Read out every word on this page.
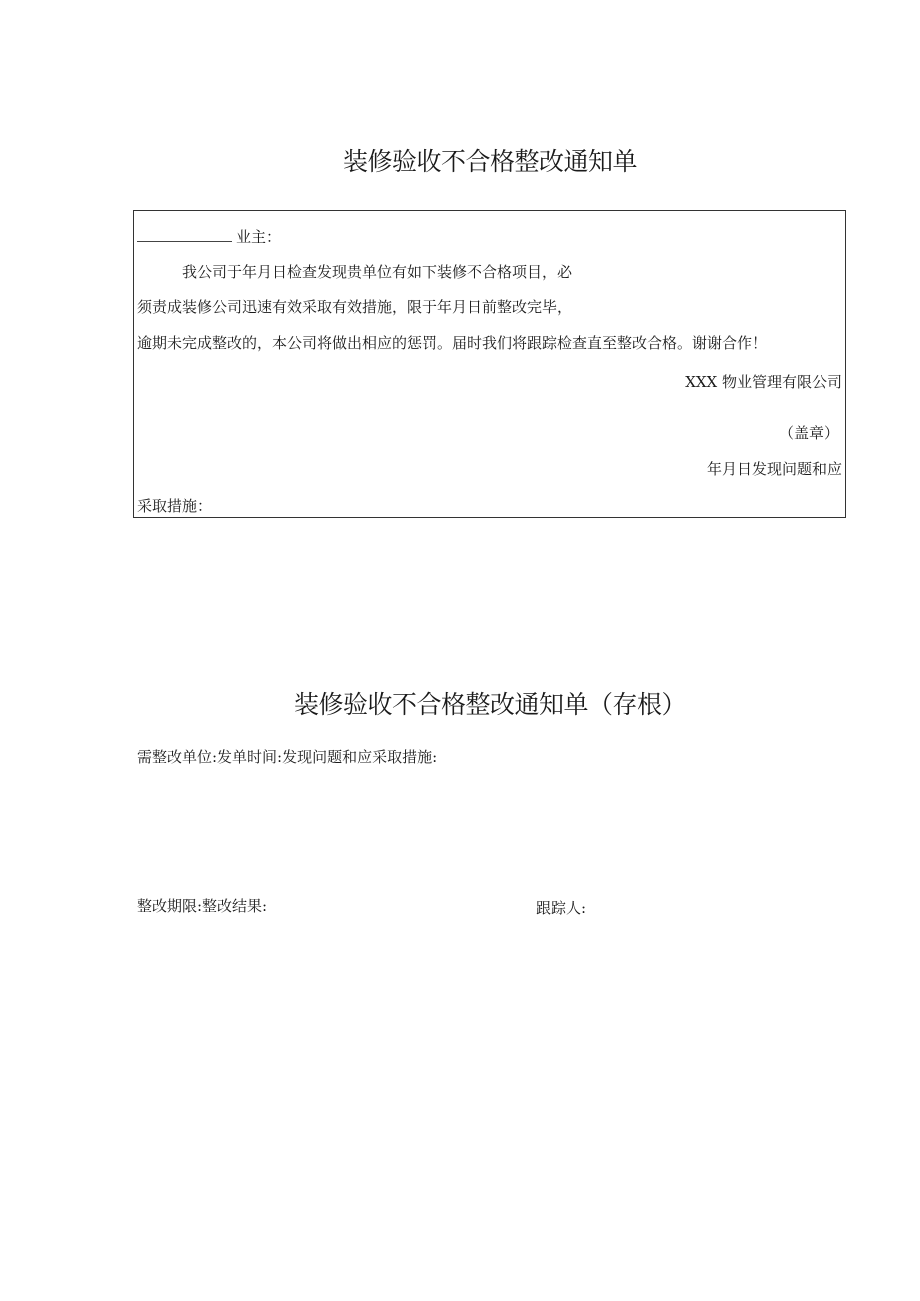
装修验收不合格整改通知单
业主：
我公司于年月日检查发现贵单位有如下装修不合格项目，必
须责成装修公司迅速有效采取有效措施，限于年月日前整改完毕，
逾期未完成整改的，本公司将做出相应的惩罚。届时我们将跟踪检查直至整改合格。谢谢合作！
XXX 物业管理有限公司
（盖章）
年月日发现问题和应
采取措施：
装修验收不合格整改通知单（存根）
需整改单位:发单时间:发现问题和应采取措施:
整改期限:整改结果:	跟踪人:
